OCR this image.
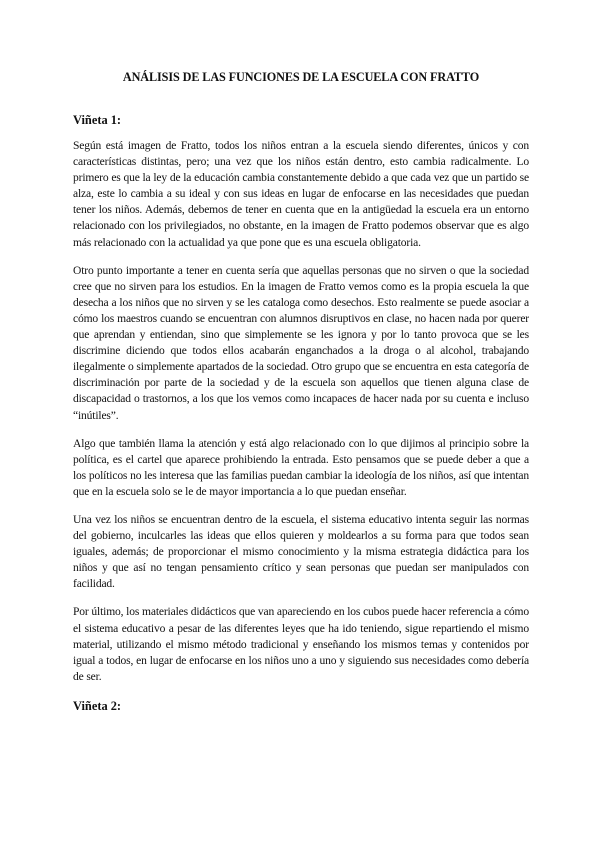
ANÁLISIS DE LAS FUNCIONES DE LA ESCUELA CON FRATTO
Viñeta 1:

Según está imagen de Fratto, todos los niños entran a la escuela siendo diferentes, únicos y con características distintas, pero; una vez que los niños están dentro, esto cambia radicalmente. Lo primero es que la ley de la educación cambia constantemente debido a que cada vez que un partido se alza, este lo cambia a su ideal y con sus ideas en lugar de enfocarse en las necesidades que puedan tener los niños. Además, debemos de tener en cuenta que en la antigüedad la escuela era un entorno relacionado con los privilegiados, no obstante, en la imagen de Fratto podemos observar que es algo más relacionado con la actualidad ya que pone que es una escuela obligatoria.

Otro punto importante a tener en cuenta sería que aquellas personas que no sirven o que la sociedad cree que no sirven para los estudios. En la imagen de Fratto vemos como es la propia escuela la que desecha a los niños que no sirven y se les cataloga como desechos. Esto realmente se puede asociar a cómo los maestros cuando se encuentran con alumnos disruptivos en clase, no hacen nada por querer que aprendan y entiendan, sino que simplemente se les ignora y por lo tanto provoca que se les discrimine diciendo que todos ellos acabarán enganchados a la droga o al alcohol, trabajando ilegalmente o simplemente apartados de la sociedad. Otro grupo que se encuentra en esta categoría de discriminación por parte de la sociedad y de la escuela son aquellos que tienen alguna clase de discapacidad o trastornos, a los que los vemos como incapaces de hacer nada por su cuenta e incluso “inútiles”.

Algo que también llama la atención y está algo relacionado con lo que dijimos al principio sobre la política, es el cartel que aparece prohibiendo la entrada. Esto pensamos que se puede deber a que a los políticos no les interesa que las familias puedan cambiar la ideología de los niños, así que intentan que en la escuela solo se le de mayor importancia a lo que puedan enseñar.

Una vez los niños se encuentran dentro de la escuela, el sistema educativo intenta seguir las normas del gobierno, inculcarles las ideas que ellos quieren y moldearlos a su forma para que todos sean iguales, además; de proporcionar el mismo conocimiento y la misma estrategia didáctica para los niños y que así no tengan pensamiento crítico y sean personas que puedan ser manipulados con facilidad.

Por último, los materiales didácticos que van apareciendo en los cubos puede hacer referencia a cómo el sistema educativo a pesar de las diferentes leyes que ha ido teniendo, sigue repartiendo el mismo material, utilizando el mismo método tradicional y enseñando los mismos temas y contenidos por igual a todos, en lugar de enfocarse en los niños uno a uno y siguiendo sus necesidades como debería de ser.

Viñeta 2:
